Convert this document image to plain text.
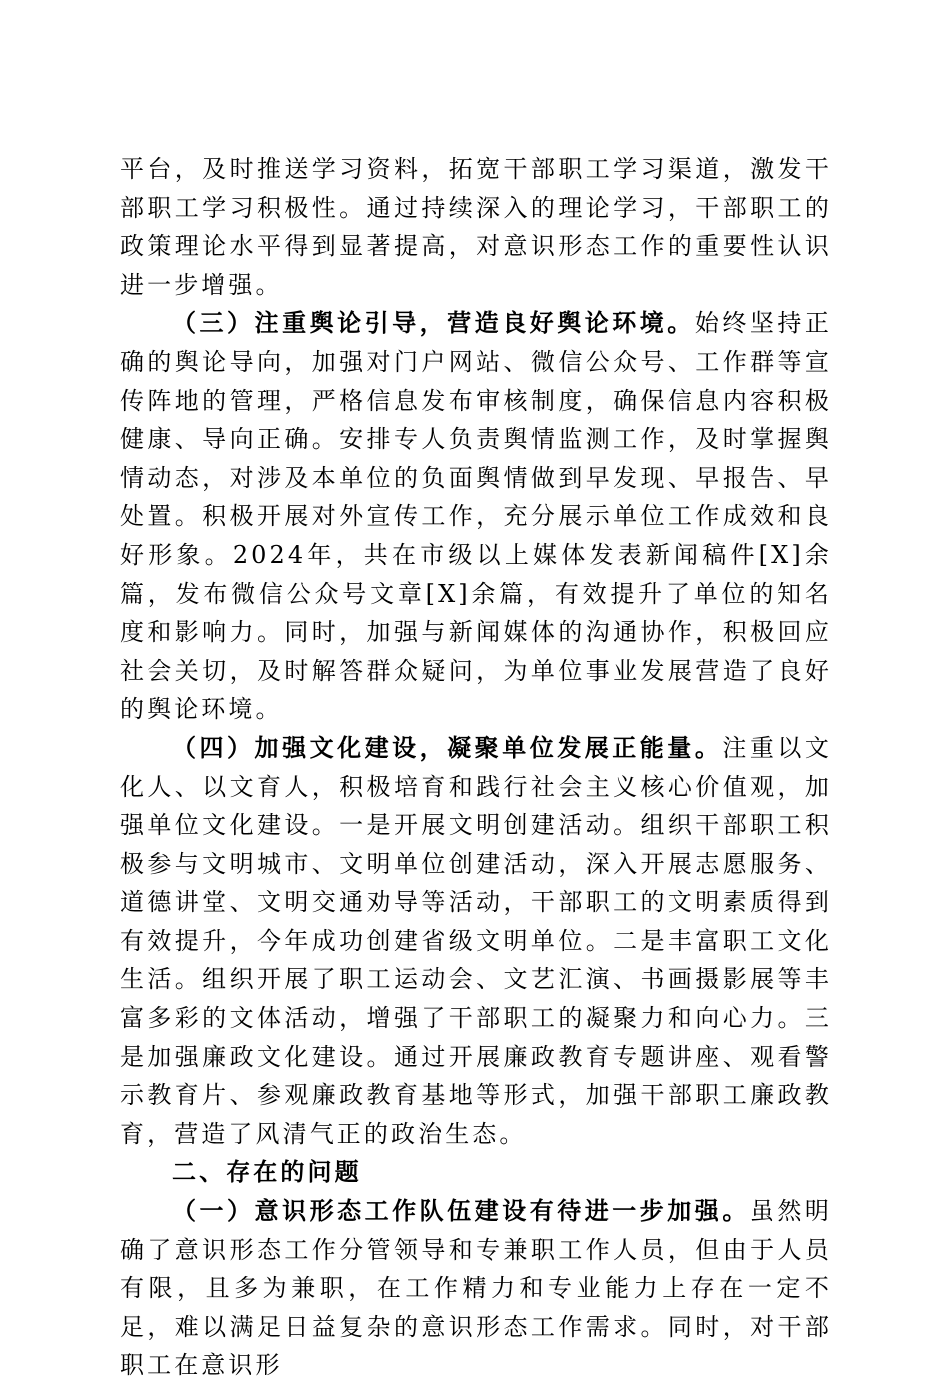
平台，及时推送学习资料，拓宽干部职工学习渠道，激发干部职工学习积极性。通过持续深入的理论学习，干部职工的政策理论水平得到显著提高，对意识形态工作的重要性认识进一步增强。

（三）注重舆论引导，营造良好舆论环境。始终坚持正确的舆论导向，加强对门户网站、微信公众号、工作群等宣传阵地的管理，严格信息发布审核制度，确保信息内容积极健康、导向正确。安排专人负责舆情监测工作，及时掌握舆情动态，对涉及本单位的负面舆情做到早发现、早报告、早处置。积极开展对外宣传工作，充分展示单位工作成效和良好形象。2024年，共在市级以上媒体发表新闻稿件[X]余篇，发布微信公众号文章[X]余篇，有效提升了单位的知名度和影响力。同时，加强与新闻媒体的沟通协作，积极回应社会关切，及时解答群众疑问，为单位事业发展营造了良好的舆论环境。

（四）加强文化建设，凝聚单位发展正能量。注重以文化人、以文育人，积极培育和践行社会主义核心价值观，加强单位文化建设。一是开展文明创建活动。组织干部职工积极参与文明城市、文明单位创建活动，深入开展志愿服务、道德讲堂、文明交通劝导等活动，干部职工的文明素质得到有效提升，今年成功创建省级文明单位。二是丰富职工文化生活。组织开展了职工运动会、文艺汇演、书画摄影展等丰富多彩的文体活动，增强了干部职工的凝聚力和向心力。三是加强廉政文化建设。通过开展廉政教育专题讲座、观看警示教育片、参观廉政教育基地等形式，加强干部职工廉政教育，营造了风清气正的政治生态。

二、存在的问题

（一）意识形态工作队伍建设有待进一步加强。虽然明确了意识形态工作分管领导和专兼职工作人员，但由于人员有限，且多为兼职，在工作精力和专业能力上存在一定不足，难以满足日益复杂的意识形态工作需求。同时，对干部职工在意识形
